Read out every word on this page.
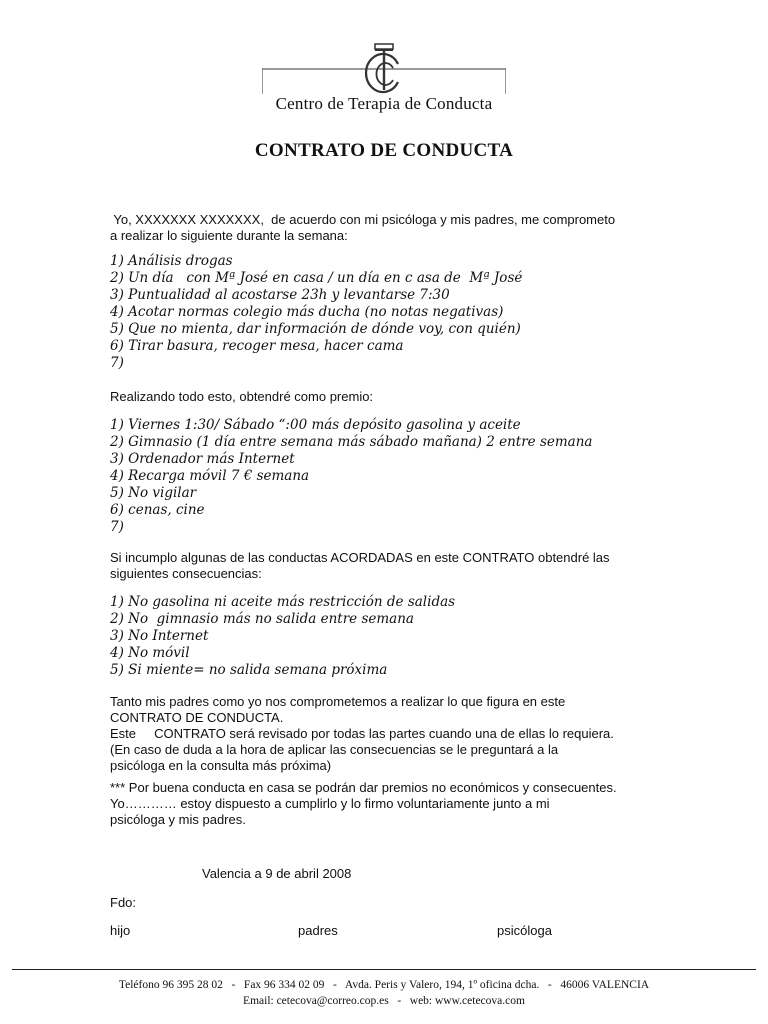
Centro de Terapia de Conducta
CONTRATO DE CONDUCTA
Yo, XXXXXXX XXXXXXX,  de acuerdo con mi psicóloga y mis padres, me comprometo
a realizar lo siguiente durante la semana:
1) Análisis drogas
2) Un día   con Mª José en casa / un día en c asa de  Mª José
3) Puntualidad al acostarse 23h y levantarse 7:30
4) Acotar normas colegio más ducha (no notas negativas)
5) Que no mienta, dar información de dónde voy, con quién)
6) Tirar basura, recoger mesa, hacer cama
7)
Realizando todo esto, obtendré como premio:
1) Viernes 1:30/ Sábado “:00 más depósito gasolina y aceite
2) Gimnasio (1 día entre semana más sábado mañana) 2 entre semana
3) Ordenador más Internet
4) Recarga móvil 7 € semana
5) No vigilar
6) cenas, cine
7)
Si incumplo algunas de las conductas ACORDADAS en este CONTRATO obtendré las
siguientes consecuencias:
1) No gasolina ni aceite más restricción de salidas
2) No  gimnasio más no salida entre semana
3) No Internet
4) No móvil
5) Si miente= no salida semana próxima
Tanto mis padres como yo nos comprometemos a realizar lo que figura en este
CONTRATO DE CONDUCTA.
Este     CONTRATO será revisado por todas las partes cuando una de ellas lo requiera.
(En caso de duda a la hora de aplicar las consecuencias se le preguntará a la
psicóloga en la consulta más próxima)
*** Por buena conducta en casa se podrán dar premios no económicos y consecuentes.
Yo………… estoy dispuesto a cumplirlo y lo firmo voluntariamente junto a mi
psicóloga y mis padres.
Valencia a 9 de abril 2008
Fdo:
hijo	padres	psicóloga
Teléfono 96 395 28 02   -   Fax 96 334 02 09   -   Avda. Peris y Valero, 194, 1º oficina dcha.   -   46006 VALENCIA
Email: cetecova@correo.cop.es   -   web: www.cetecova.com
